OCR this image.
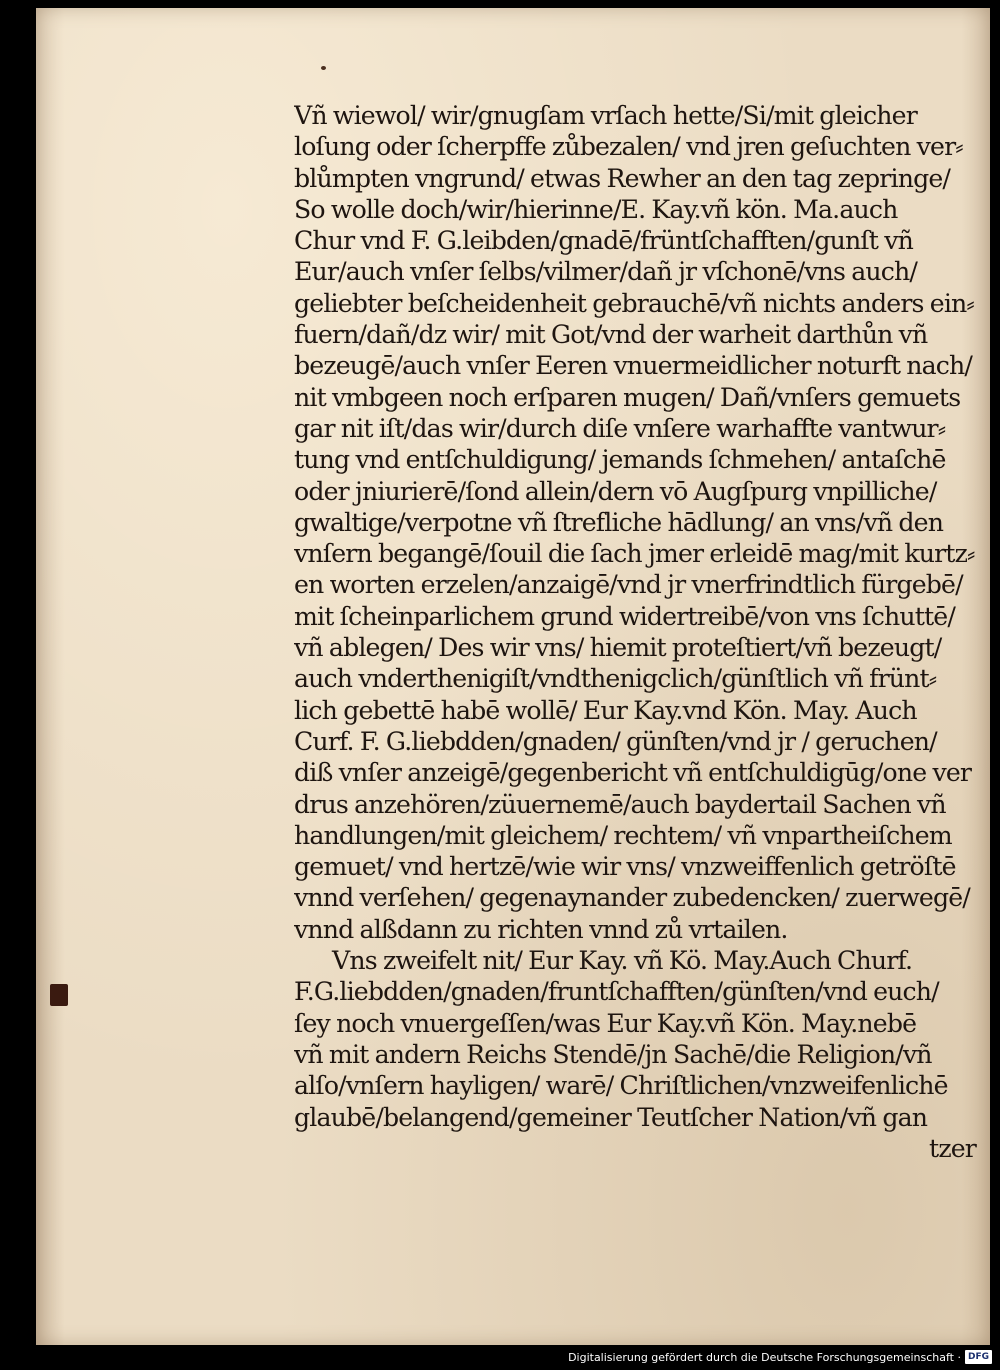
Vñ wiewol/ wir/gnugſam vrſach hette/Si/mit gleicher
loſung oder ſcherpffe zůbezalen/ vnd jren geſuchten ver⸗
blůmpten vngrund/ etwas Rewher an den tag zepringe/
So wolle doch/wir/hierinne/E. Kay.vñ kön. Ma.auch
Chur vnd F. G.leibden/gnadē/früntſchafften/gunſt vñ
Eur/auch vnſer ſelbs/vilmer/dañ jr vſchonē/vns auch/
geliebter beſcheidenheit gebrauchē/vñ nichts anders ein⸗
fuern/dañ/dz wir/ mit Got/vnd der warheit darthůn vñ
bezeugē/auch vnſer Eeren vnuermeidlicher noturft nach/
nit vmbgeen noch erſparen mugen/ Dañ/vnſers gemuets
gar nit iſt/das wir/durch diſe vnſere warhaffte vantwur⸗
tung vnd entſchuldigung/ jemands ſchmehen/ antaſchē
oder jniurierē/ſond allein/dern vō Augſpurg vnpilliche/
gwaltige/verpotne vñ ſtrefliche hādlung/ an vns/vñ den
vnſern begangē/ſouil die ſach jmer erleidē mag/mit kurtz⸗
en worten erzelen/anzaigē/vnd jr vnerfrindtlich fürgebē/
mit ſcheinparlichem grund widertreibē/von vns ſchuttē/
vñ ablegen/ Des wir vns/ hiemit proteſtiert/vñ bezeugt/
auch vnderthenigiſt/vndthenigclich/günſtlich vñ frünt⸗
lich gebettē habē wollē/ Eur Kay.vnd Kön. May. Auch
Curf. F. G.liebdden/gnaden/ günſten/vnd jr / geruchen/
diß vnſer anzeigē/gegenbericht vñ entſchuldigūg/one ver
drus anzehören/züuernemē/auch baydertail Sachen vñ
handlungen/mit gleichem/ rechtem/ vñ vnpartheiſchem
gemuet/ vnd hertzē/wie wir vns/ vnzweiffenlich getröſtē
vnnd verſehen/ gegenaynander zubedencken/ zuerwegē/
vnnd alßdann zu richten vnnd zů vrtailen.
Vns zweifelt nit/ Eur Kay. vñ Kö. May.Auch Churf.
F.G.liebdden/gnaden/fruntſchafften/günſten/vnd euch/
ſey noch vnuergeſſen/was Eur Kay.vñ Kön. May.nebē
vñ mit andern Reichs Stendē/jn Sachē/die Religion/vñ
alſo/vnſern hayligen/ warē/ Chriſtlichen/vnzweifenlichē
glaubē/belangend/gemeiner Teutſcher Nation/vñ gan
tzer
Digitalisierung gefördert durch die Deutsche Forschungsgemeinschaft · DFG
